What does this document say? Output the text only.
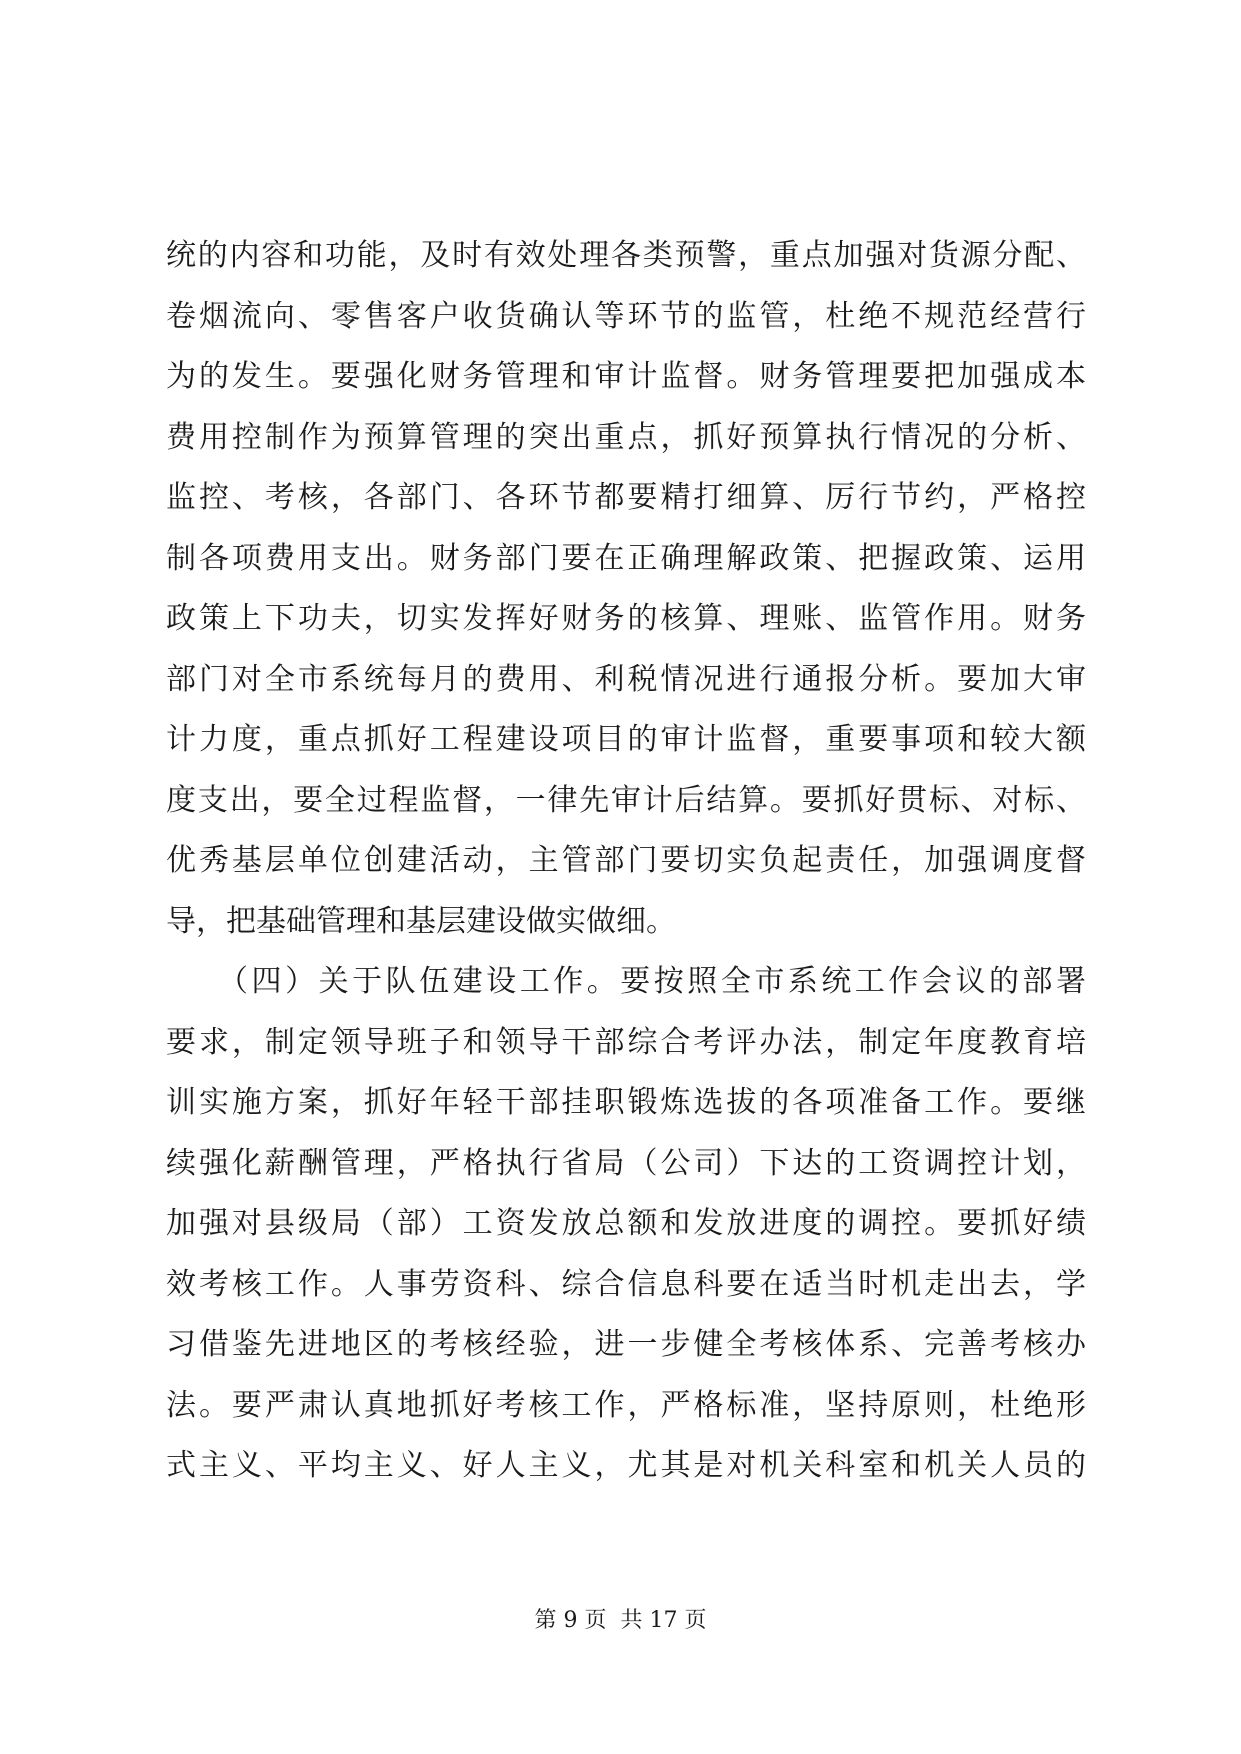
统的内容和功能，及时有效处理各类预警，重点加强对货源分配、
卷烟流向、零售客户收货确认等环节的监管，杜绝不规范经营行
为的发生。要强化财务管理和审计监督。财务管理要把加强成本
费用控制作为预算管理的突出重点，抓好预算执行情况的分析、
监控、考核，各部门、各环节都要精打细算、厉行节约，严格控
制各项费用支出。财务部门要在正确理解政策、把握政策、运用
政策上下功夫，切实发挥好财务的核算、理账、监管作用。财务
部门对全市系统每月的费用、利税情况进行通报分析。要加大审
计力度，重点抓好工程建设项目的审计监督，重要事项和较大额
度支出，要全过程监督，一律先审计后结算。要抓好贯标、对标、
优秀基层单位创建活动，主管部门要切实负起责任，加强调度督
导，把基础管理和基层建设做实做细。
　　（四）关于队伍建设工作。要按照全市系统工作会议的部署
要求，制定领导班子和领导干部综合考评办法，制定年度教育培
训实施方案，抓好年轻干部挂职锻炼选拔的各项准备工作。要继
续强化薪酬管理，严格执行省局（公司）下达的工资调控计划，
加强对县级局（部）工资发放总额和发放进度的调控。要抓好绩
效考核工作。人事劳资科、综合信息科要在适当时机走出去，学
习借鉴先进地区的考核经验，进一步健全考核体系、完善考核办
法。要严肃认真地抓好考核工作，严格标准，坚持原则，杜绝形
式主义、平均主义、好人主义，尤其是对机关科室和机关人员的
第 9 页  共 17 页
